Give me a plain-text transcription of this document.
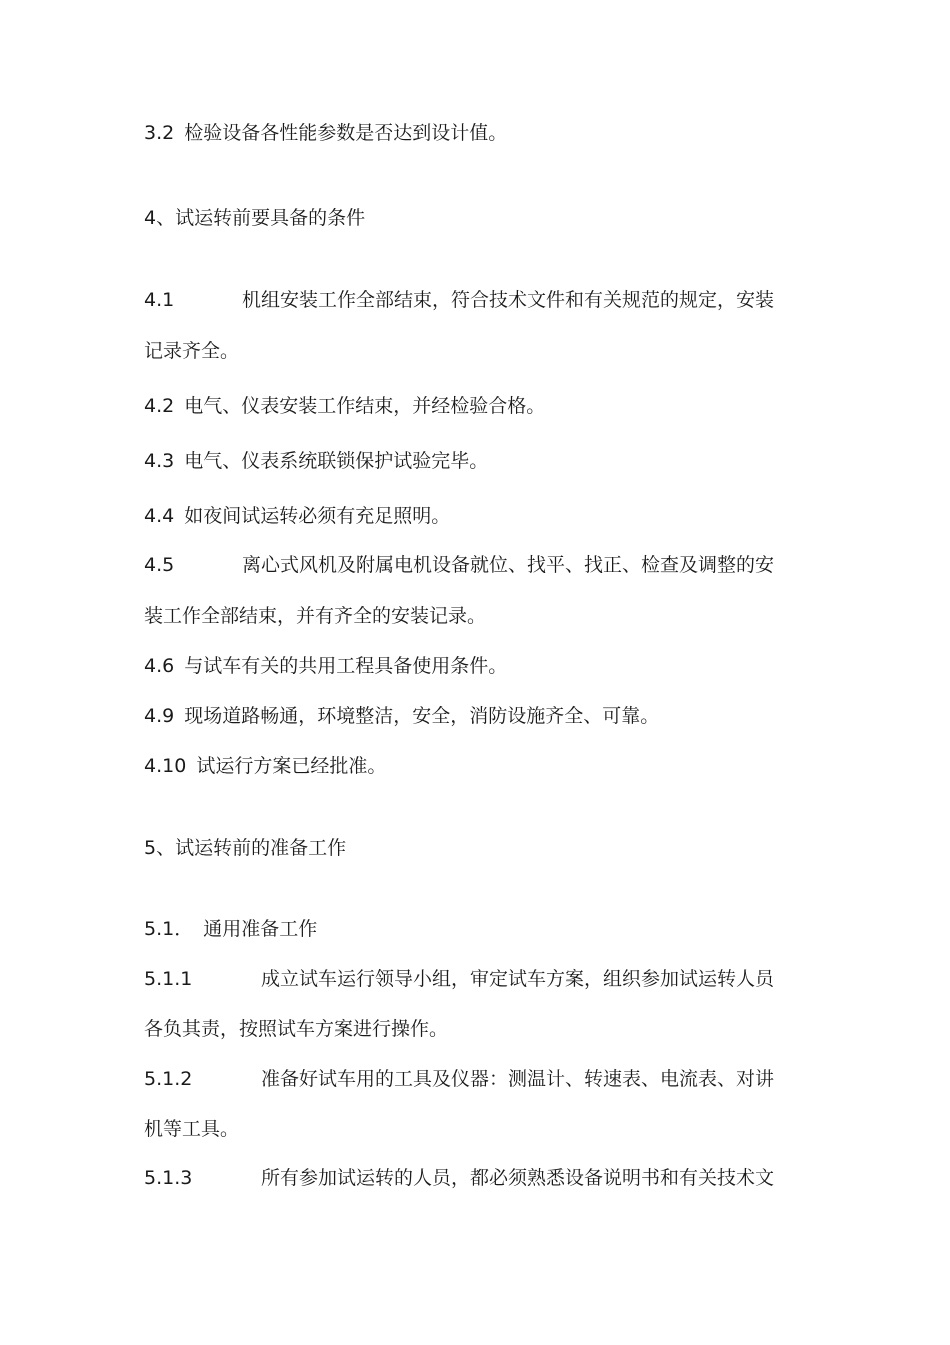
3.2 检验设备各性能参数是否达到设计值。
4、试运转前要具备的条件
4.1	机组安装工作全部结束，符合技术文件和有关规范的规定，安装
记录齐全。
4.2 电气、仪表安装工作结束，并经检验合格。
4.3 电气、仪表系统联锁保护试验完毕。
4.4 如夜间试运转必须有充足照明。
4.5	离心式风机及附属电机设备就位、找平、找正、检查及调整的安
装工作全部结束，并有齐全的安装记录。
4.6 与试车有关的共用工程具备使用条件。
4.9 现场道路畅通，环境整洁，安全，消防设施齐全、可靠。
4.10 试运行方案已经批准。
5、试运转前的准备工作
5.1． 通用准备工作
5.1.1	成立试车运行领导小组，审定试车方案，组织参加试运转人员
各负其责，按照试车方案进行操作。
5.1.2	准备好试车用的工具及仪器：测温计、转速表、电流表、对讲
机等工具。
5.1.3	所有参加试运转的人员，都必须熟悉设备说明书和有关技术文
